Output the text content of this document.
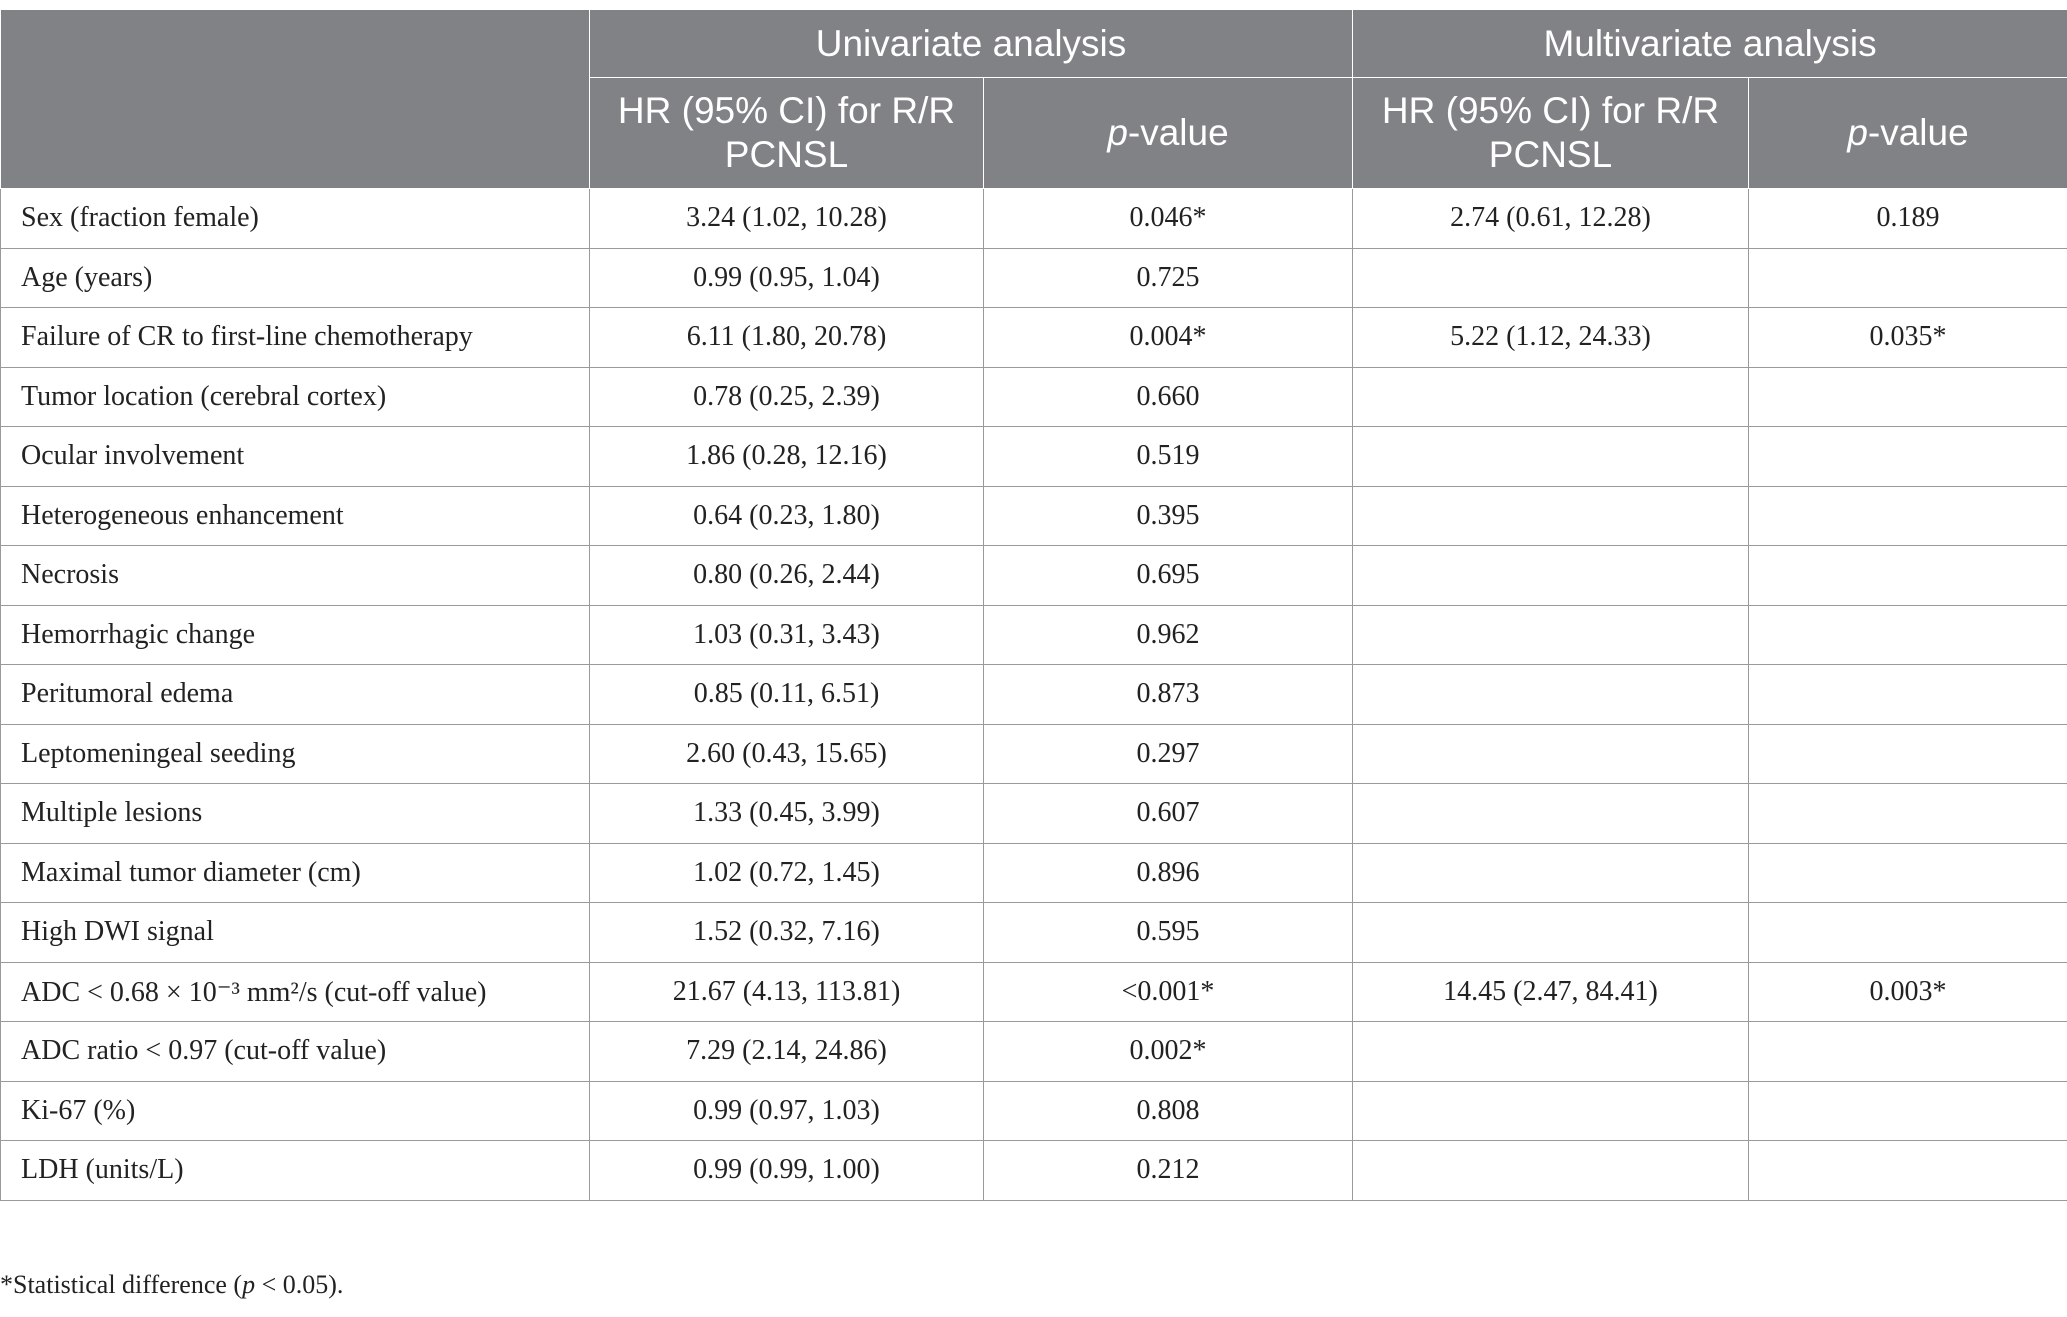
	Univariate analysis		Multivariate analysis	
	HR (95% CI) for R/R PCNSL	p-value	HR (95% CI) for R/R PCNSL	p-value
Sex (fraction female)	3.24 (1.02, 10.28)	0.046*	2.74 (0.61, 12.28)	0.189
Age (years)	0.99 (0.95, 1.04)	0.725		
Failure of CR to first-line chemotherapy	6.11 (1.80, 20.78)	0.004*	5.22 (1.12, 24.33)	0.035*
Tumor location (cerebral cortex)	0.78 (0.25, 2.39)	0.660		
Ocular involvement	1.86 (0.28, 12.16)	0.519		
Heterogeneous enhancement	0.64 (0.23, 1.80)	0.395		
Necrosis	0.80 (0.26, 2.44)	0.695		
Hemorrhagic change	1.03 (0.31, 3.43)	0.962		
Peritumoral edema	0.85 (0.11, 6.51)	0.873		
Leptomeningeal seeding	2.60 (0.43, 15.65)	0.297		
Multiple lesions	1.33 (0.45, 3.99)	0.607		
Maximal tumor diameter (cm)	1.02 (0.72, 1.45)	0.896		
High DWI signal	1.52 (0.32, 7.16)	0.595		
ADC < 0.68 × 10⁻³ mm²/s (cut-off value)	21.67 (4.13, 113.81)	<0.001*	14.45 (2.47, 84.41)	0.003*
ADC ratio < 0.97 (cut-off value)	7.29 (2.14, 24.86)	0.002*		
Ki-67 (%)	0.99 (0.97, 1.03)	0.808		
LDH (units/L)	0.99 (0.99, 1.00)	0.212		
*Statistical difference (p < 0.05).
